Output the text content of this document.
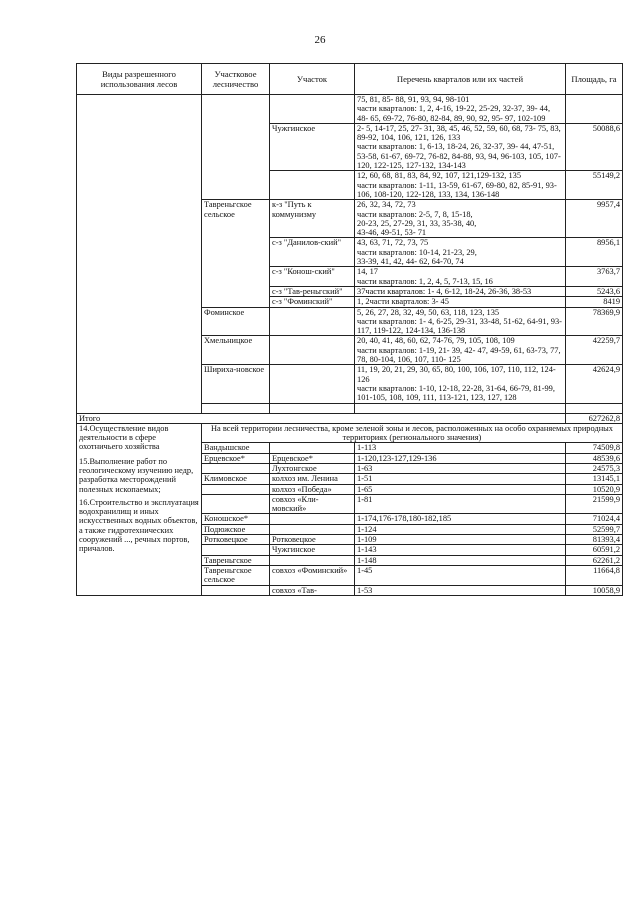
26
Виды разрешенного использования лесов	Участковое лесничество	Участок	Перечень кварталов или их частей	Площадь, га
			75, 81, 85- 88, 91, 93, 94, 98-101
части кварталов: 1, 2, 4-16, 19-22, 25-29, 32-37, 39- 44, 48- 65, 69-72, 76-80, 82-84, 89, 90, 92, 95- 97, 102-109	
		Чужгинское	2- 5, 14-17, 25, 27- 31, 38, 45, 46, 52, 59, 60, 68, 73- 75, 83, 89-92, 104, 106, 121, 126, 133
части кварталов: 1, 6-13, 18-24, 26, 32-37, 39- 44, 47-51, 53-58, 61-67, 69-72, 76-82, 84-88, 93, 94, 96-103, 105, 107-120, 122-125, 127-132, 134-143	50088,6
			12, 60, 68, 81, 83, 84, 92, 107, 121,129-132, 135
части кварталов: 1-11, 13-59, 61-67, 69-80, 82, 85-91, 93-106, 108-120, 122-128, 133, 134, 136-148	55149,2
	Тавреньгское сельское	к-з "Путь к коммунизму	26, 32, 34, 72, 73
части кварталов: 2-5, 7, 8, 15-18,
20-23, 25, 27-29, 31, 33, 35-38, 40,
43-46, 49-51, 53- 71	9957,4
		с-з "Данилов-ский"	43, 63, 71, 72, 73, 75
части кварталов: 10-14, 21-23, 29,
33-39, 41, 42, 44- 62, 64-70, 74	8956,1
		с-з "Конош-ский"	14, 17
части кварталов: 1, 2, 4, 5, 7-13, 15, 16	3763,7
		с-з "Тав-реньгский"	37части кварталов: 1- 4, 6-12, 18-24, 26-36, 38-53	5243,6
		с-з "Фоминский"	1, 2части кварталов: 3- 45	8419
	Фоминское		5, 26, 27, 28, 32, 49, 50, 63, 118, 123, 135
части кварталов: 1- 4, 6-25, 29-31, 33-48, 51-62, 64-91, 93-117, 119-122, 124-134, 136-138	78369,9
	Хмельницкое		20, 40, 41, 48, 60, 62, 74-76, 79, 105, 108, 109
части кварталов: 1-19, 21- 39, 42- 47, 49-59, 61, 63-73, 77, 78, 80-104, 106, 107, 110- 125	42259,7
	Шириха-новское		11, 19, 20, 21, 29, 30, 65, 80, 100, 106, 107, 110, 112, 124-126
части кварталов: 1-10, 12-18, 22-28, 31-64, 66-79, 81-99, 101-105, 108, 109, 111, 113-121, 123, 127, 128	42624,9

Итого				627262,8

14.Осуществление видов деятельности в сфере охотничьего хозяйства

15.Выполнение работ по геологическому изучению недр, разработка месторождений полезных ископаемых;

16.Строительство и эксплуатация водохранилищ и иных искусственных водных объектов, а также гидротехнических сооружений ..., речных портов, причалов.	На всей территории лесничества, кроме зеленой зоны и лесов, расположенных на особо охраняемых природных территориях (регионального значения)			
	Вандышское		1-113	74509,8
	Ерцевское*	Ерцевское*	1-120,123-127,129-136	48539,6
		Лухтонгское	1-63	24575,3
	Климовское	колхоз им. Ленина	1-51	13145,1
		колхоз «Победа»	1-65	10520,9
		совхоз «Кли-мовский»	1-81	21599,9
	Коношское*		1-174,176-178,180-182,185	71024,4
	Подюжское		1-124	52599,7
	Ротковецкое	Ротковецкое	1-109	81393,4
		Чужгинское	1-143	60591,2
	Тавреньгское		1-148	62261,2
	Тавреньгское сельское	совхоз «Фоминский»	1-45	11664,8
		совхоз «Тав-	1-53	10058,9
